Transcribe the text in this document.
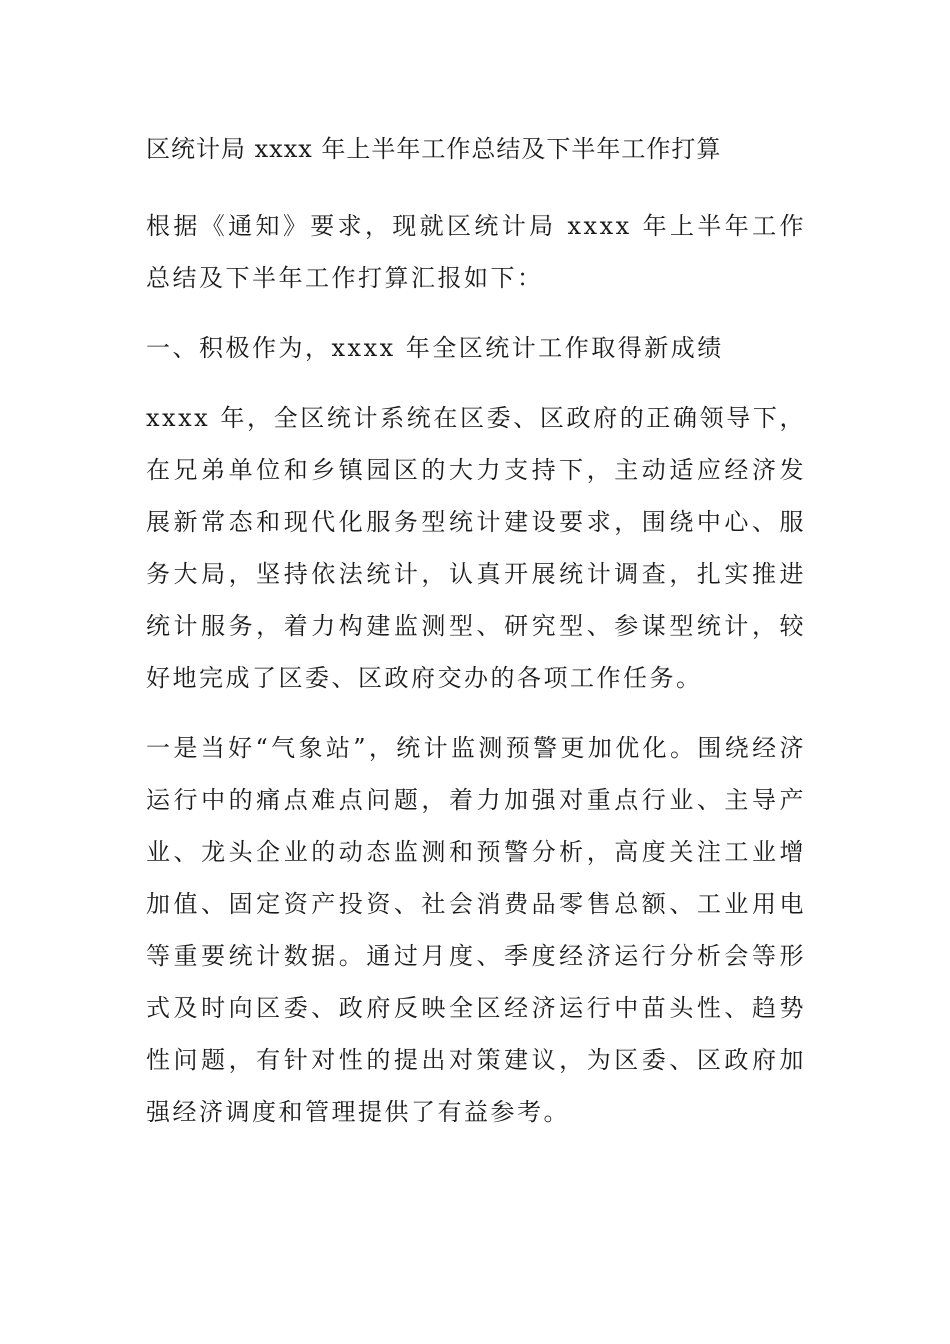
区统计局 xxxx 年上半年工作总结及下半年工作打算
根据《通知》要求，现就区统计局 xxxx 年上半年工作总结及下半年工作打算汇报如下：
一、积极作为，xxxx 年全区统计工作取得新成绩
xxxx 年，全区统计系统在区委、区政府的正确领导下，在兄弟单位和乡镇园区的大力支持下，主动适应经济发展新常态和现代化服务型统计建设要求，围绕中心、服务大局，坚持依法统计，认真开展统计调查，扎实推进统计服务，着力构建监测型、研究型、参谋型统计，较好地完成了区委、区政府交办的各项工作任务。
一是当好“气象站”，统计监测预警更加优化。围绕经济运行中的痛点难点问题，着力加强对重点行业、主导产业、龙头企业的动态监测和预警分析，高度关注工业增加值、固定资产投资、社会消费品零售总额、工业用电等重要统计数据。通过月度、季度经济运行分析会等形式及时向区委、政府反映全区经济运行中苗头性、趋势性问题，有针对性的提出对策建议，为区委、区政府加强经济调度和管理提供了有益参考。
